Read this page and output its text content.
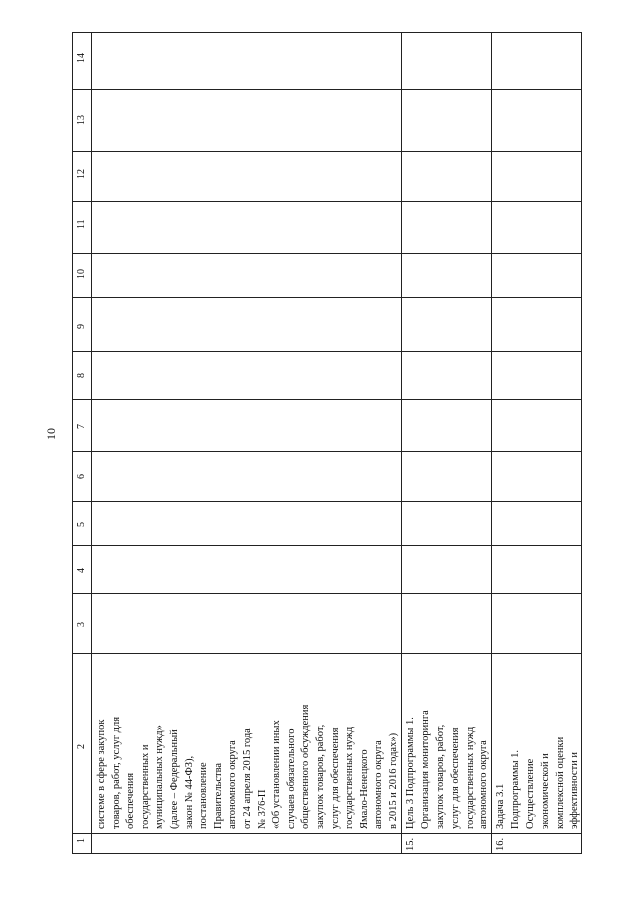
10
1
2
3
4
5
6
7
8
9
10
11
12
13
14
системе в сфере закупок товаров, работ, услуг для обеспечения государственных и муниципальных нужд» (далее – Федеральный закон № 44-ФЗ), постановление Правительства автономного округа от 24 апреля 2015 года № 376-П «Об установлении иных случаев обязательного общественного обсуждения закупок товаров, работ, услуг для обеспечения государственных нужд Ямало-Ненецкого автономного округа в 2015 и 2016 годах»)
15.
Цель 3 Подпрограммы 1. Организация мониторинга закупок товаров, работ, услуг для обеспечения государственных нужд автономного округа
16.
Задача 3.1 Подпрограммы 1. Осуществление экономической и комплексной оценки эффективности и
